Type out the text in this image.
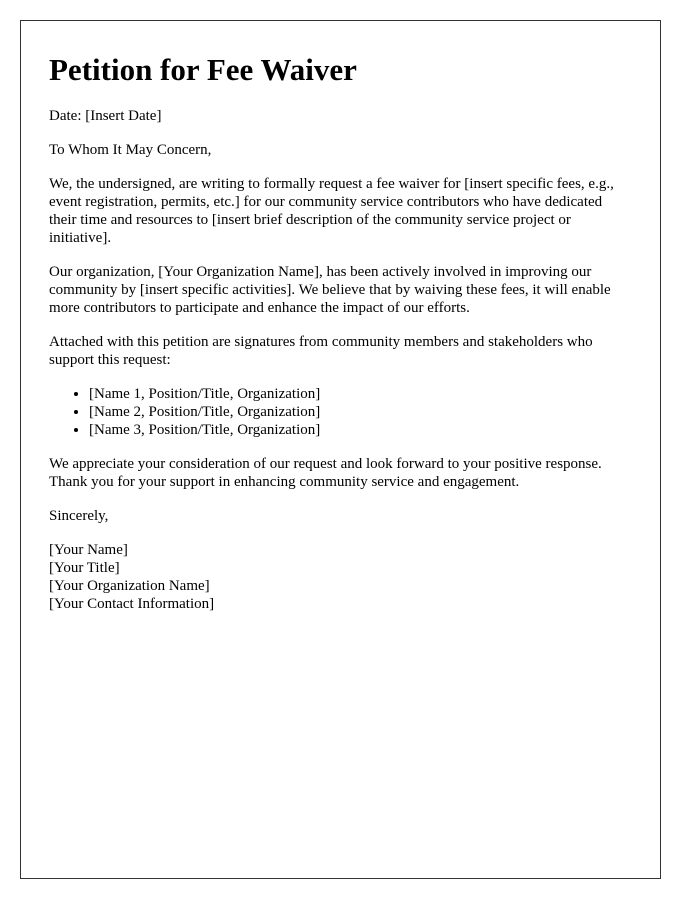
Petition for Fee Waiver

Date: [Insert Date]

To Whom It May Concern,

We, the undersigned, are writing to formally request a fee waiver for [insert specific fees, e.g., event registration, permits, etc.] for our community service contributors who have dedicated their time and resources to [insert brief description of the community service project or initiative].

Our organization, [Your Organization Name], has been actively involved in improving our community by [insert specific activities]. We believe that by waiving these fees, it will enable more contributors to participate and enhance the impact of our efforts.

Attached with this petition are signatures from community members and stakeholders who support this request:

• [Name 1, Position/Title, Organization]
• [Name 2, Position/Title, Organization]
• [Name 3, Position/Title, Organization]

We appreciate your consideration of our request and look forward to your positive response. Thank you for your support in enhancing community service and engagement.

Sincerely,

[Your Name]
[Your Title]
[Your Organization Name]
[Your Contact Information]
